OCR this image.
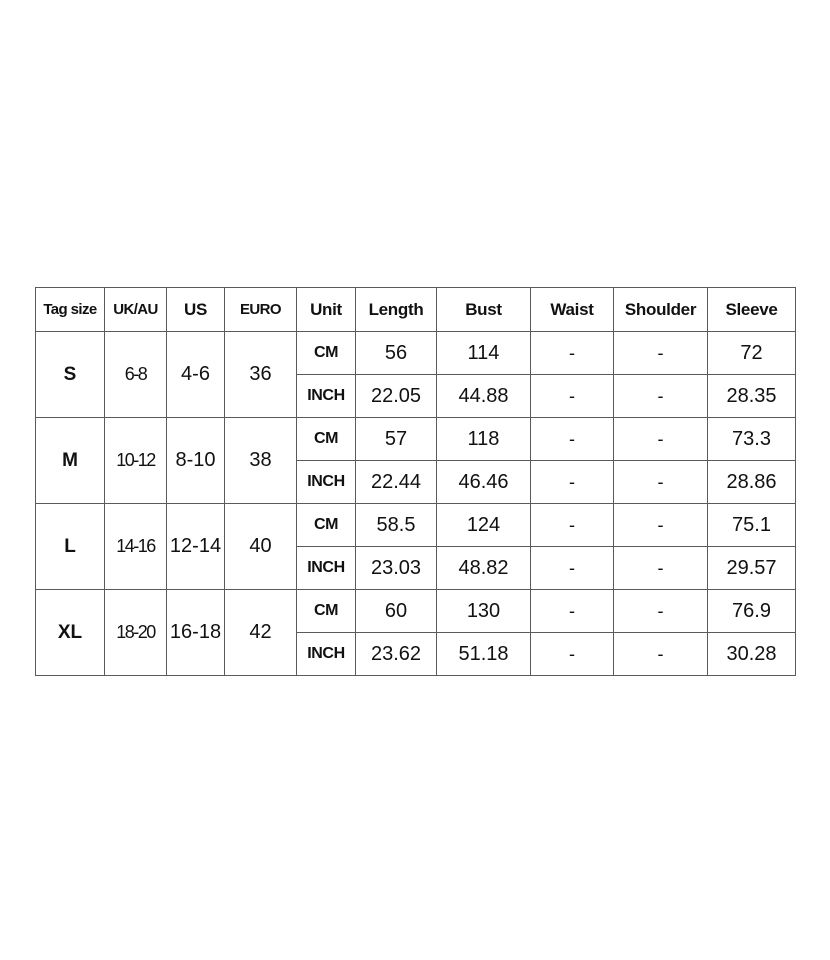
Tag size	UK/AU	US	EURO	Unit	Length	Bust	Waist	Shoulder	Sleeve
S	6-8	4-6	36	CM	56	114	-	-	72
				INCH	22.05	44.88	-	-	28.35
M	10-12	8-10	38	CM	57	118	-	-	73.3
				INCH	22.44	46.46	-	-	28.86
L	14-16	12-14	40	CM	58.5	124	-	-	75.1
				INCH	23.03	48.82	-	-	29.57
XL	18-20	16-18	42	CM	60	130	-	-	76.9
				INCH	23.62	51.18	-	-	30.28
